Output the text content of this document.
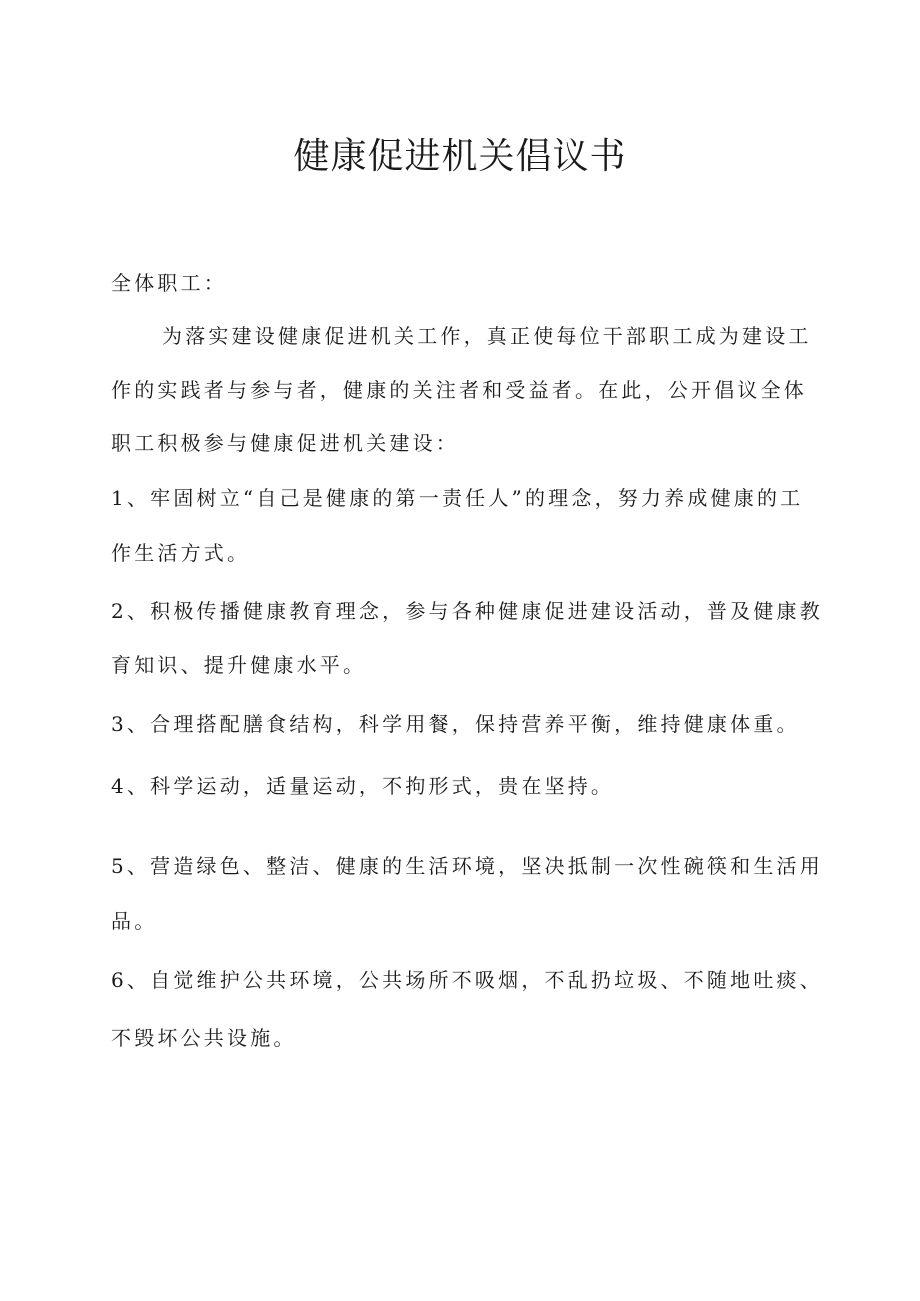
健康促进机关倡议书

全体职工：

为落实建设健康促进机关工作，真正使每位干部职工成为建设工

作的实践者与参与者，健康的关注者和受益者。在此，公开倡议全体

职工积极参与健康促进机关建设：

1、牢固树立“自己是健康的第一责任人”的理念，努力养成健康的工

作生活方式。

2、积极传播健康教育理念，参与各种健康促进建设活动，普及健康教

育知识、提升健康水平。

3、合理搭配膳食结构，科学用餐，保持营养平衡，维持健康体重。

4、科学运动，适量运动，不拘形式，贵在坚持。

5、营造绿色、整洁、健康的生活环境，坚决抵制一次性碗筷和生活用

品。

6、自觉维护公共环境，公共场所不吸烟，不乱扔垃圾、不随地吐痰、

不毁坏公共设施。
